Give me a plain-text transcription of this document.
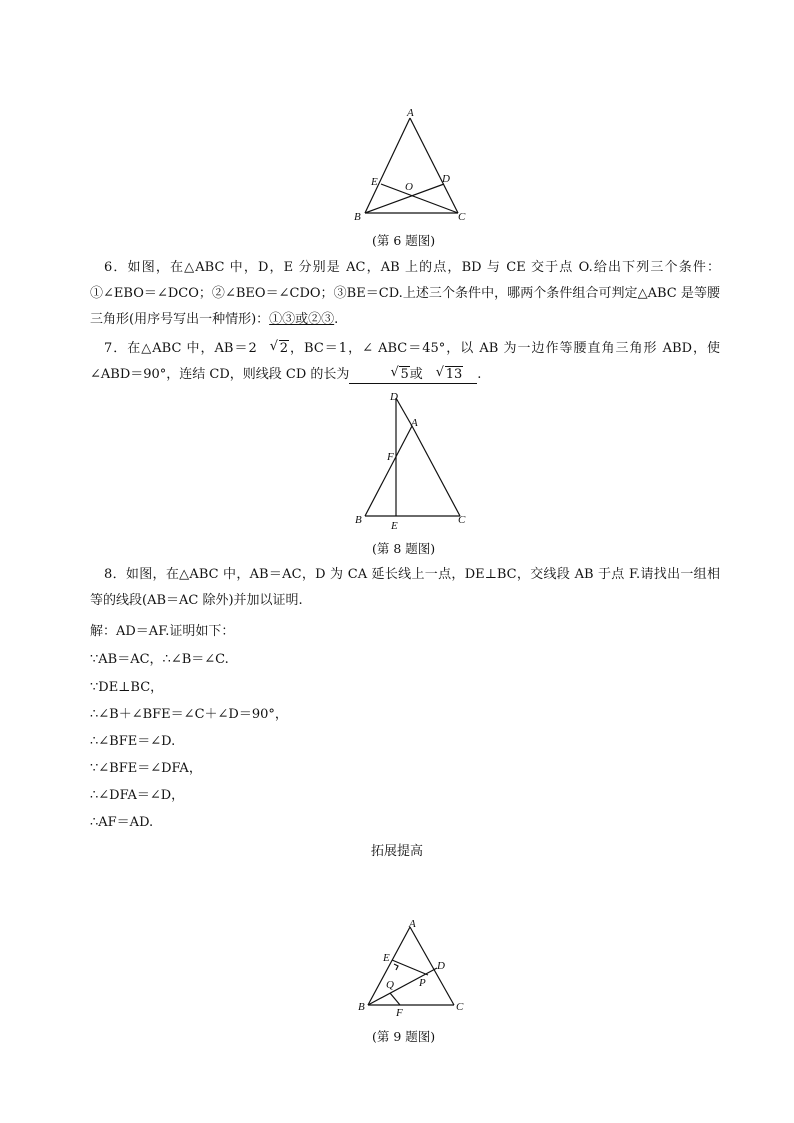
A
B	C
D
E O
(第 6 题图)
6．如图，在△ABC 中，D，E 分别是 AC，AB 上的点，BD 与 CE 交于点 O.给出下列三个条件：①∠EBO＝∠DCO；②∠BEO＝∠CDO；③BE＝CD.上述三个条件中，哪两个条件组合可判定△ABC 是等腰三角形(用序号写出一种情形)：①③或②③.
7．在△ABC 中，AB＝2 √ 2，BC＝1，∠ ABC＝45°，以 AB 为一边作等腰直角三角形 ABD，使∠ABD＝90°，连结 CD，则线段 CD 的长为	√ 5或 √ 13 .
D
A
F
B	E	C
(第 8 题图)
8．如图，在△ABC 中，AB＝AC，D 为 CA 延长线上一点，DE⊥BC，交线段 AB 于点 F.请找出一组相等的线段(AB＝AC 除外)并加以证明.
解：AD＝AF.证明如下：
∵AB＝AC，∴∠B＝∠C.
∵DE⊥BC，
∴∠B＋∠BFE＝∠C＋∠D＝90°，
∴∠BFE＝∠D.
∵∠BFE＝∠DFA，
∴∠DFA＝∠D，
∴AF＝AD.
拓展提高
A
E
D
P
Q
B	C
F
(第 9 题图)
